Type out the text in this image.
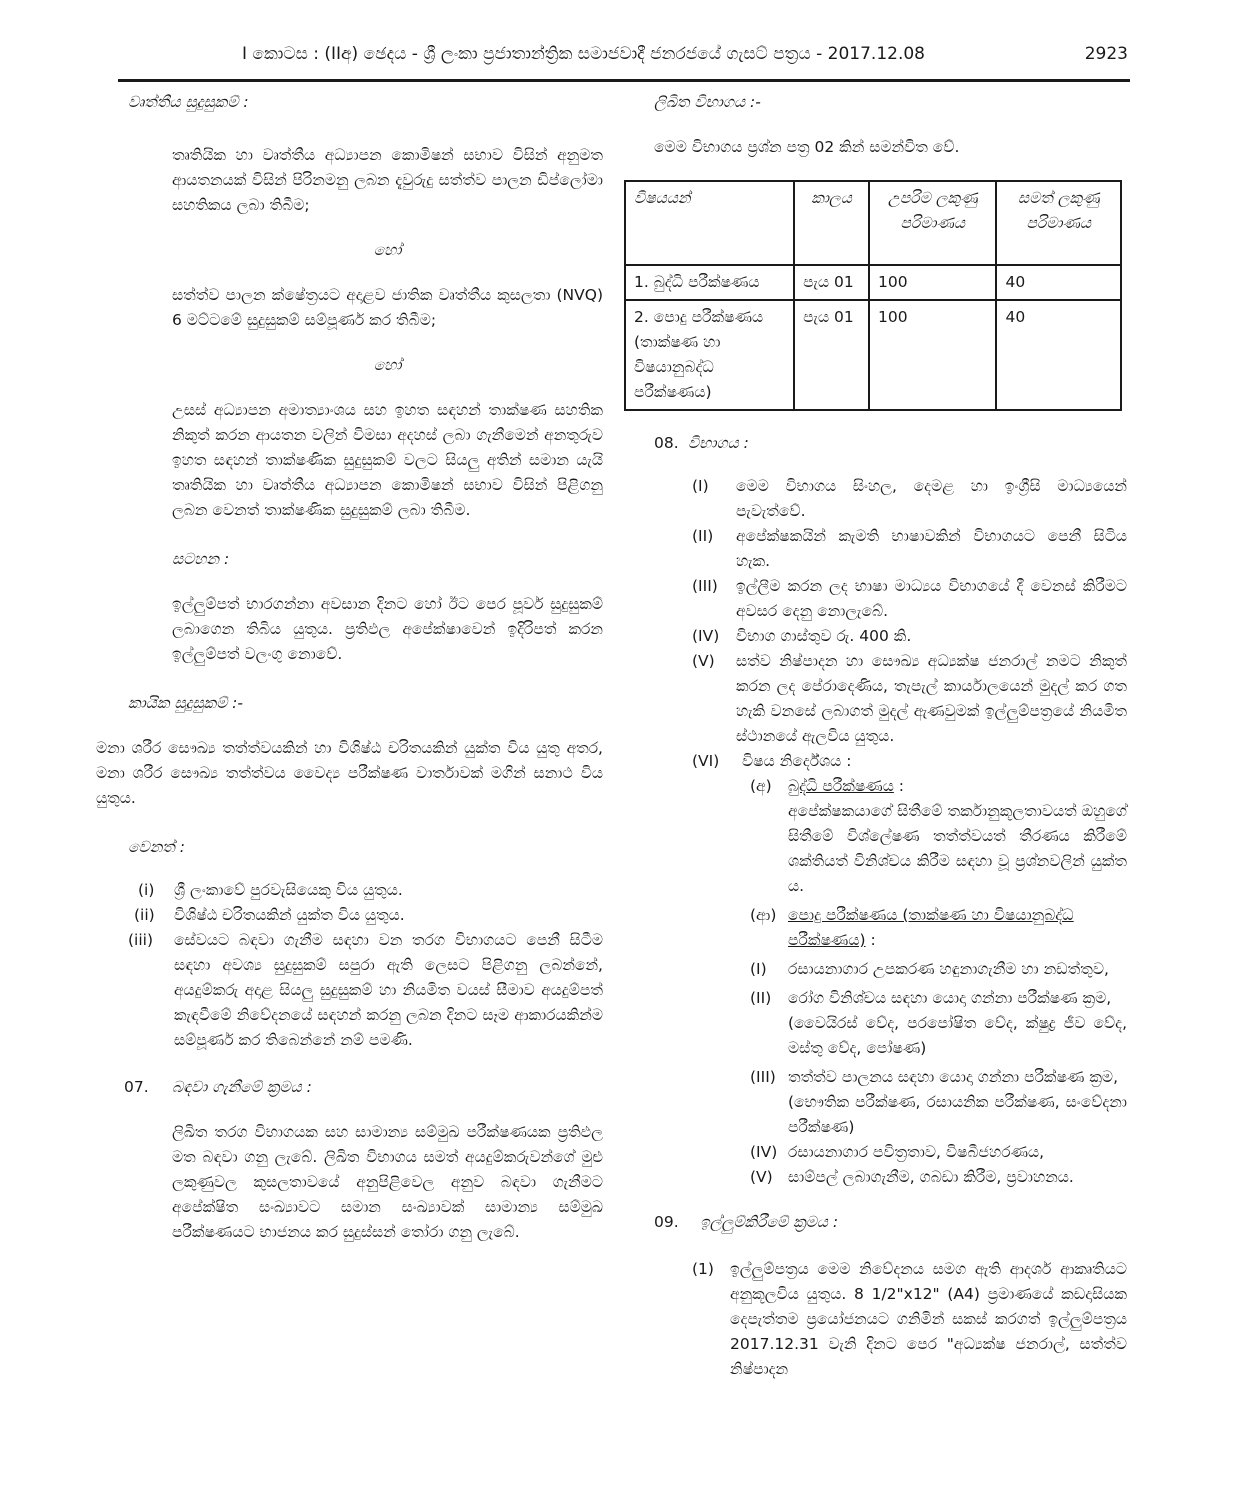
I කොටස : (IIඅ) ඡෙදය - ශ්‍රී ලංකා ප්‍රජාතාන්ත්‍රික සමාජවාදී ජනරජයේ ගැසට් පත්‍රය - 2017.12.08	2923

වෘත්තීය සුදුසුකම් :

තෘතියික හා වෘත්තීය අධ්‍යාපන කොමිෂන් සභාව විසින් අනුමත ආයතනයක් විසින් පිරිනමනු ලබන දැවුරුදු සත්ත්ව පාලන ඩිප්ලෝමා සහතිකය ලබා තිබීම;

හෝ

සත්ත්ව පාලන ක්ෂේත්‍රයට අදාළව ජාතික වෘත්තීය කුසලතා (NVQ) 6 මට්ටමේ සුදුසුකම් සම්පූර්ණ කර තිබීම;

හෝ

උසස් අධ්‍යාපන අමාත්‍යාංශය සහ ඉහත සඳහන් තාක්ෂණ සහතික නිකුත් කරන ආයතන වලින් විමසා අදහස් ලබා ගැනීමෙන් අනතුරුව ඉහත සඳහන් තාක්ෂණික සුදුසුකම් වලට සියලු අතින් සමාන යැයි තෘතියික හා වෘත්තීය අධ්‍යාපන කොමිෂන් සභාව විසින් පිළිගනු ලබන වෙනත් තාක්ෂණික සුදුසුකම් ලබා තිබීම.

සටහන :

ඉල්ලුම්පත් භාරගන්නා අවසාන දිනට හෝ ඊට පෙර පූර්ව සුදුසුකම් ලබාගෙන තිබිය යුතුය. ප්‍රතිඵල අපේක්ෂාවෙන් ඉදිරිපත් කරන ඉල්ලුම්පත් වලංගු නොවේ.

කායික සුදුසුකම් :-

මනා ශරීර සෞඛ්‍ය තත්ත්වයකින් හා විශිෂ්ඨ චරිතයකින් යුක්ත විය යුතු අතර, මනා ශරීර සෞඛ්‍ය තත්ත්වය වෛද්‍ය පරීක්ෂණ වාර්තාවක් මගින් සනාථ විය යුතුය.

වෙනත් :

(i) ශ්‍රී ලංකාවේ පුරවැසියෙකු විය යුතුය.
(ii) විශිෂ්ඨ චරිතයකින් යුක්ත විය යුතුය.
(iii) සේවයට බඳවා ගැනීම සඳහා වන තරග විභාගයට පෙනී සිටීම සඳහා අවශ්‍ය සුදුසුකම් සපුරා ඇති ලෙසට පිළිගනු ලබන්නේ, අයදුම්කරු අදාළ සියලු සුදුසුකම් හා නියමිත වයස් සීමාව අයදුම්පත් කැඳවීමේ නිවේදනයේ සඳහන් කරනු ලබන දිනට සෑම ආකාරයකින්ම සම්පූර්ණ කර තිබෙන්නේ නම් පමණි.
07. බඳවා ගැනීමේ ක්‍රමය :

ලිඛිත තරග විභාගයක සහ සාමාන්‍ය සම්මුඛ පරීක්ෂණයක ප්‍රතිඵල මත බඳවා ගනු ලැබේ. ලිඛිත විභාගය සමත් අයදුම්කරුවන්ගේ මුළු ලකුණුවල කුසලතාවයේ අනුපිළිවෙල අනුව බඳවා ගැනීමට අපේක්ෂිත සංඛ්‍යාවට සමාන සංඛ්‍යාවක් සාමාන්‍ය සම්මුඛ පරීක්ෂණයට භාජනය කර සුදුස්සන් තෝරා ගනු ලැබේ.

ලිඛිත විභාගය :-

මෙම විභාගය ප්‍රශ්න පත්‍ර 02 කින් සමන්විත වේ.

විෂයයන්	කාලය	උපරිම ලකුණු පරිමාණය	සමත් ලකුණු පරිමාණය
1. බුද්ධි පරීක්ෂණය	පැය 01	100	40
2. පොදු පරීක්ෂණය (තාක්ෂණ හා විෂයානුබද්ධ පරීක්ෂණය)	පැය 01	100	40
08. විභාගය :
(I) මෙම විභාගය සිංහල, දෙමළ හා ඉංග්‍රීසි මාධ්‍යයෙන් පැවැත්වේ.
(II) අපේක්ෂකයින් කැමති භාෂාවකින් විභාගයට පෙනී සිටිය හැක.
(III) ඉල්ලීම කරන ලද භාෂා මාධ්‍යය විභාගයේ දී වෙනස් කිරීමට අවසර දෙනු නොලැබේ.
(IV) විභාග ගාස්තුව රු. 400 කි.
(V) සත්ව නිෂ්පාදන හා සෞඛ්‍ය අධ්‍යක්ෂ ජනරාල් නමට නිකුත් කරන ලද පේරාදෙණිය, තැපැල් කාර්යාලයෙන් මුදල් කර ගත හැකි වනසේ ලබාගත් මුදල් ඇණවුමක් ඉල්ලුම්පත්‍රයේ නියමිත ස්ථානයේ ඇලවිය යුතුය.
(VI)	විෂය නිර්දේශය :
(අ) බුද්ධි පරීක්ෂණය :
අපේක්ෂකයාගේ සිතීමේ තර්කානුකූලතාවයත් ඔහුගේ සිතීමේ විශ්ලේෂණ තත්ත්වයත් තීරණය කිරීමේ ශක්තියත් විනිශ්චය කිරීම සඳහා වූ ප්‍රශ්නවලින් යුක්ත ය.
(ආ) පොදු පරීක්ෂණය (තාක්ෂණ හා විෂයානුබද්ධ පරීක්ෂණය) :
(I) රසායනාගාර උපකරණ හඳුනාගැනීම හා නඩත්තුව,
(II) රෝග විනිශ්චය සඳහා යොදා ගන්නා පරීක්ෂණ ක්‍රම,
(වෛයිරස් වේද, පරපෝෂිත වේද, ක්ෂුද්‍ර ජීව වේද, මස්තු වේද, පෝෂණ)
(III) තත්ත්ව පාලනය සඳහා යොදා ගන්නා පරීක්ෂණ ක්‍රම,
(භෞතික පරීක්ෂණ, රසායනික පරීක්ෂණ, සංවේදනා පරීක්ෂණ)
(IV) රසායනාගාර පවිත්‍රතාව, විෂබීජහරණය,
(V) සාම්පල් ලබාගැනීම, ගබඩා කිරීම, ප්‍රවාහනය.
09. ඉල්ලුම්කිරීමේ ක්‍රමය :
(1) ඉල්ලුම්පත්‍රය මෙම නිවේදනය සමග ඇති ආදර්ශ ආකෘතියට අනුකූලවිය යුතුය. 8 1/2"x12" (A4) ප්‍රමාණයේ කඩදාසියක දෙපැත්තම ප්‍රයෝජනයට ගනිමින් සකස් කරගත් ඉල්ලුම්පත්‍රය 2017.12.31 වැනි දිනට පෙර "අධ්‍යක්ෂ ජනරාල්, සත්ත්ව නිෂ්පාදන
